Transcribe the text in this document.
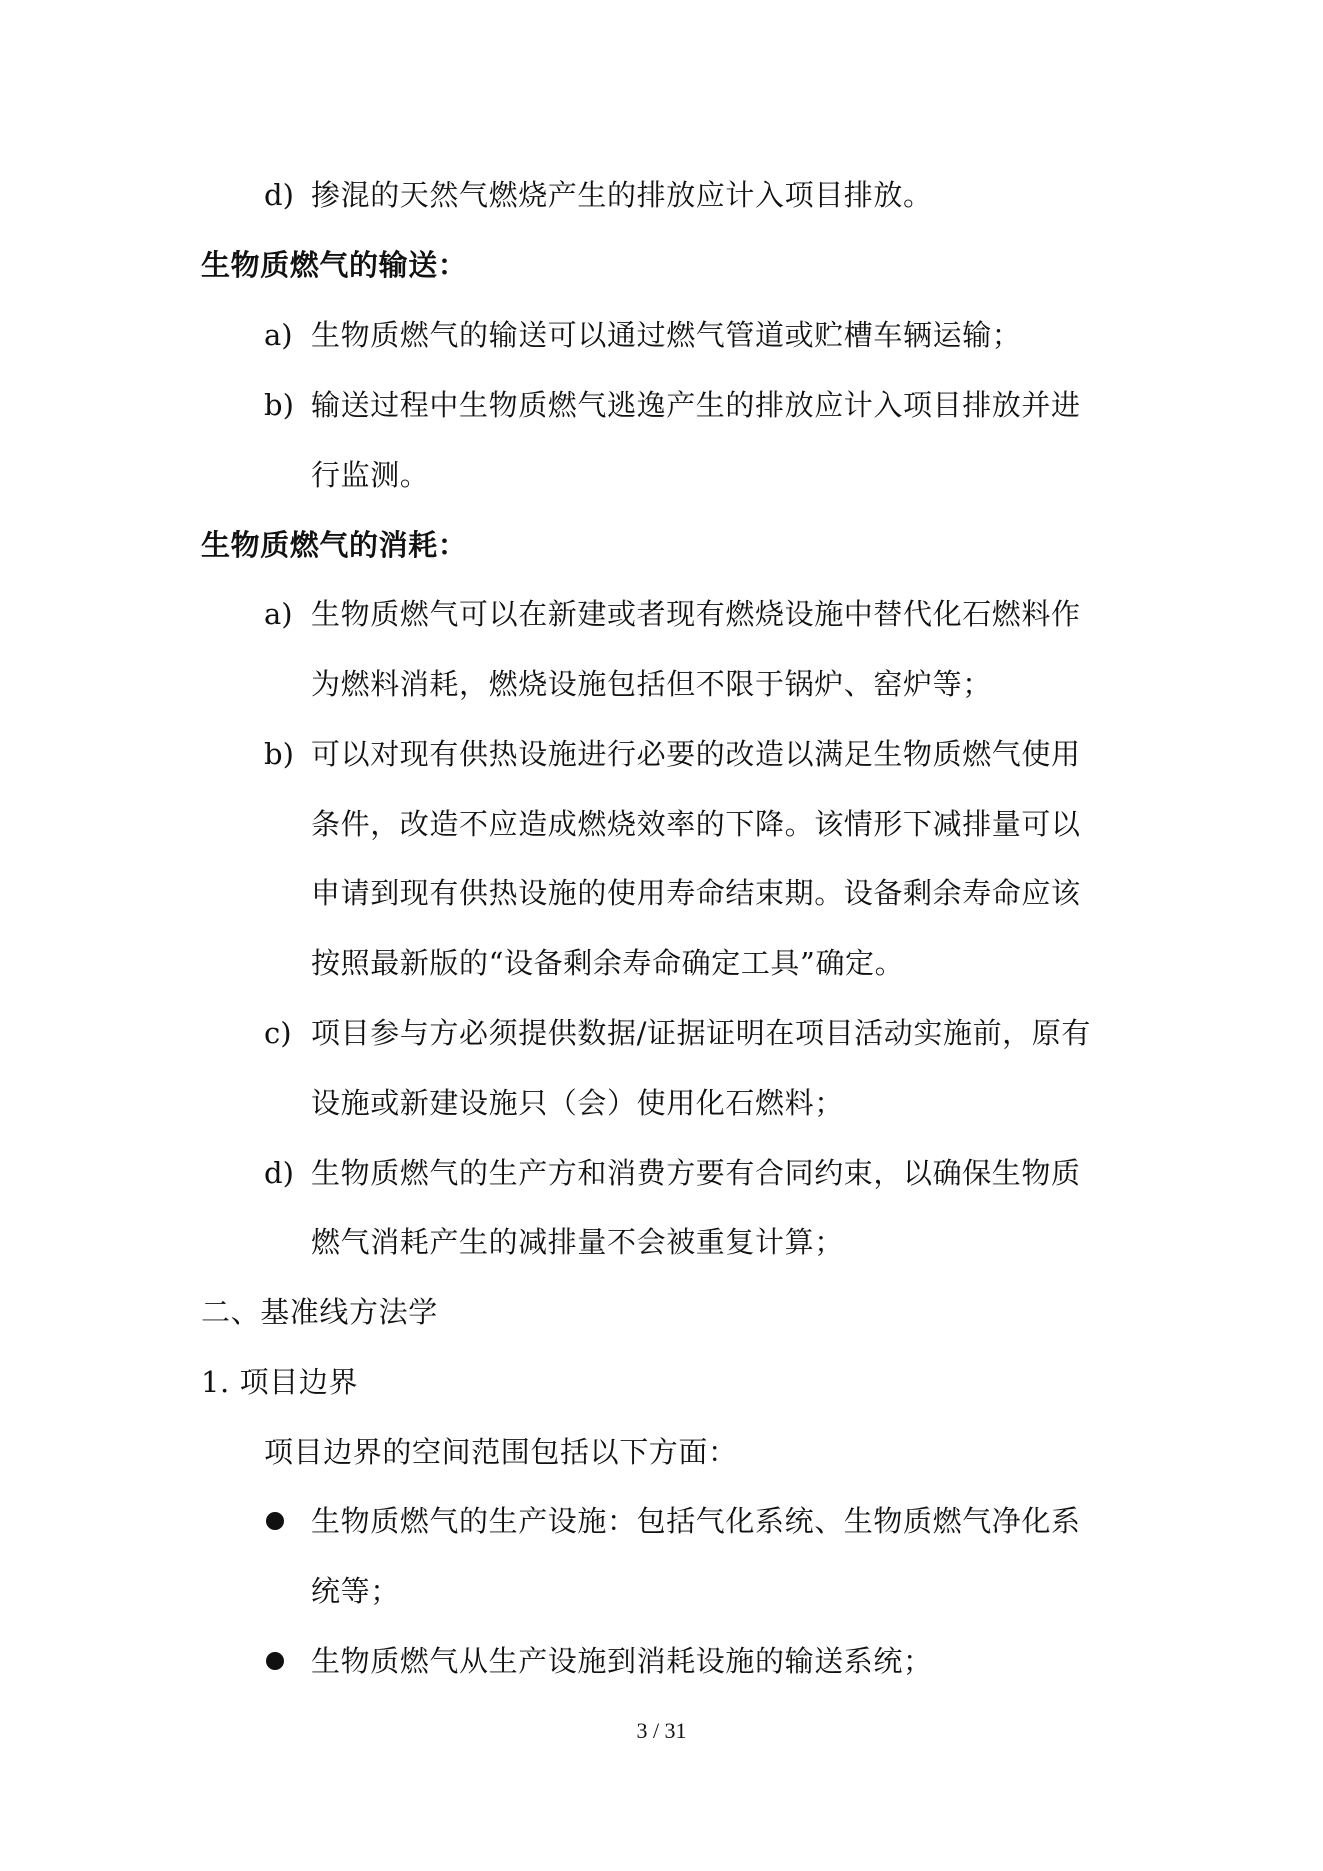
d) 掺混的天然气燃烧产生的排放应计入项目排放。
生物质燃气的输送：
a) 生物质燃气的输送可以通过燃气管道或贮槽车辆运输；
b) 输送过程中生物质燃气逃逸产生的排放应计入项目排放并进
行监测。
生物质燃气的消耗：
a) 生物质燃气可以在新建或者现有燃烧设施中替代化石燃料作
为燃料消耗，燃烧设施包括但不限于锅炉、窑炉等；
b) 可以对现有供热设施进行必要的改造以满足生物质燃气使用
条件，改造不应造成燃烧效率的下降。该情形下减排量可以
申请到现有供热设施的使用寿命结束期。设备剩余寿命应该
按照最新版的“设备剩余寿命确定工具”确定。
c) 项目参与方必须提供数据/证据证明在项目活动实施前，原有
设施或新建设施只（会）使用化石燃料；
d) 生物质燃气的生产方和消费方要有合同约束，以确保生物质
燃气消耗产生的减排量不会被重复计算；
二、基准线方法学
1. 项目边界
项目边界的空间范围包括以下方面：
生物质燃气的生产设施：包括气化系统、生物质燃气净化系
统等；
生物质燃气从生产设施到消耗设施的输送系统；
3 / 31
